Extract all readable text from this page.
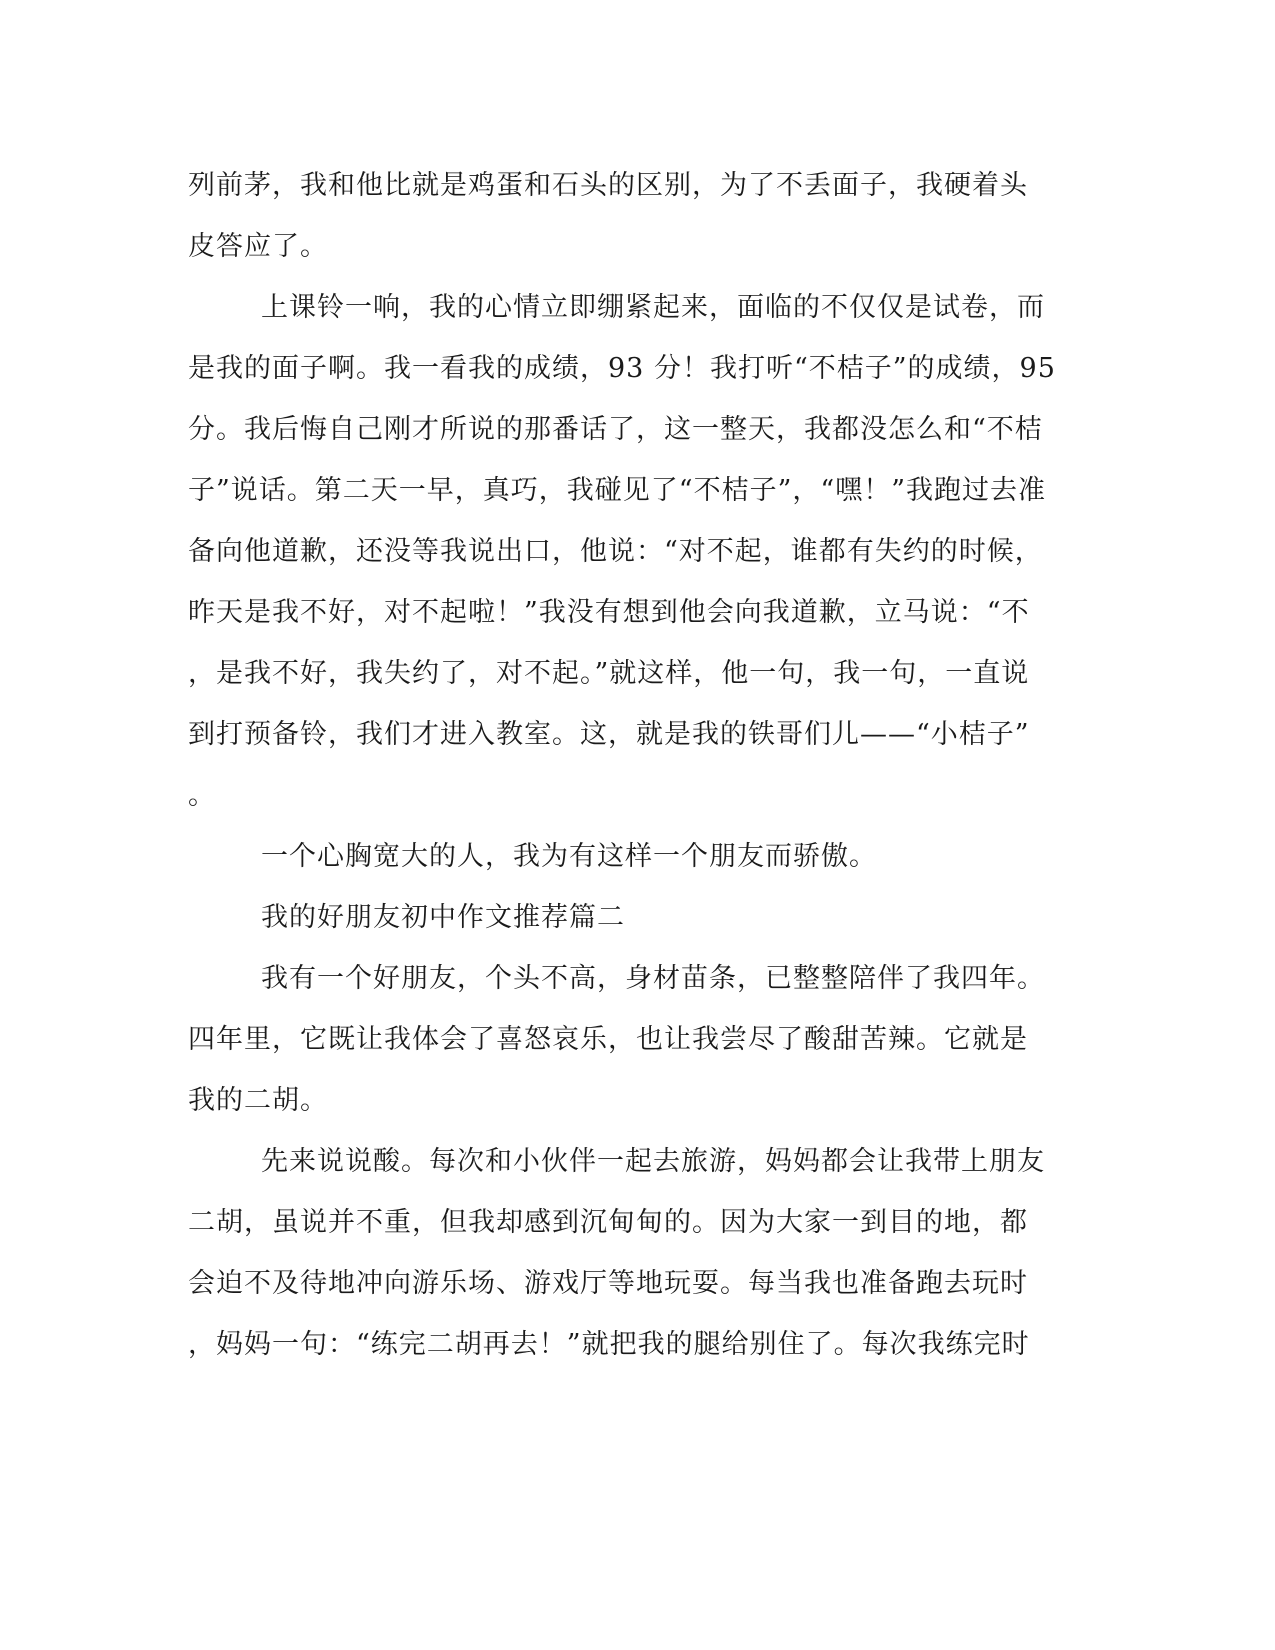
列前茅，我和他比就是鸡蛋和石头的区别，为了不丢面子，我硬着头
皮答应了。
上课铃一响，我的心情立即绷紧起来，面临的不仅仅是试卷，而
是我的面子啊。我一看我的成绩，93 分！我打听“不桔子”的成绩，95
分。我后悔自己刚才所说的那番话了，这一整天，我都没怎么和“不桔
子”说话。第二天一早，真巧，我碰见了“不桔子”，“嘿！”我跑过去准
备向他道歉，还没等我说出口，他说：“对不起，谁都有失约的时候，
昨天是我不好，对不起啦！”我没有想到他会向我道歉，立马说：“不
，是我不好，我失约了，对不起。”就这样，他一句，我一句，一直说
到打预备铃，我们才进入教室。这，就是我的铁哥们儿——“小桔子”
。
一个心胸宽大的人，我为有这样一个朋友而骄傲。
我的好朋友初中作文推荐篇二
我有一个好朋友，个头不高，身材苗条，已整整陪伴了我四年。
四年里，它既让我体会了喜怒哀乐，也让我尝尽了酸甜苦辣。它就是
我的二胡。
先来说说酸。每次和小伙伴一起去旅游，妈妈都会让我带上朋友
二胡，虽说并不重，但我却感到沉甸甸的。因为大家一到目的地，都
会迫不及待地冲向游乐场、游戏厅等地玩耍。每当我也准备跑去玩时
，妈妈一句：“练完二胡再去！”就把我的腿给别住了。每次我练完时
